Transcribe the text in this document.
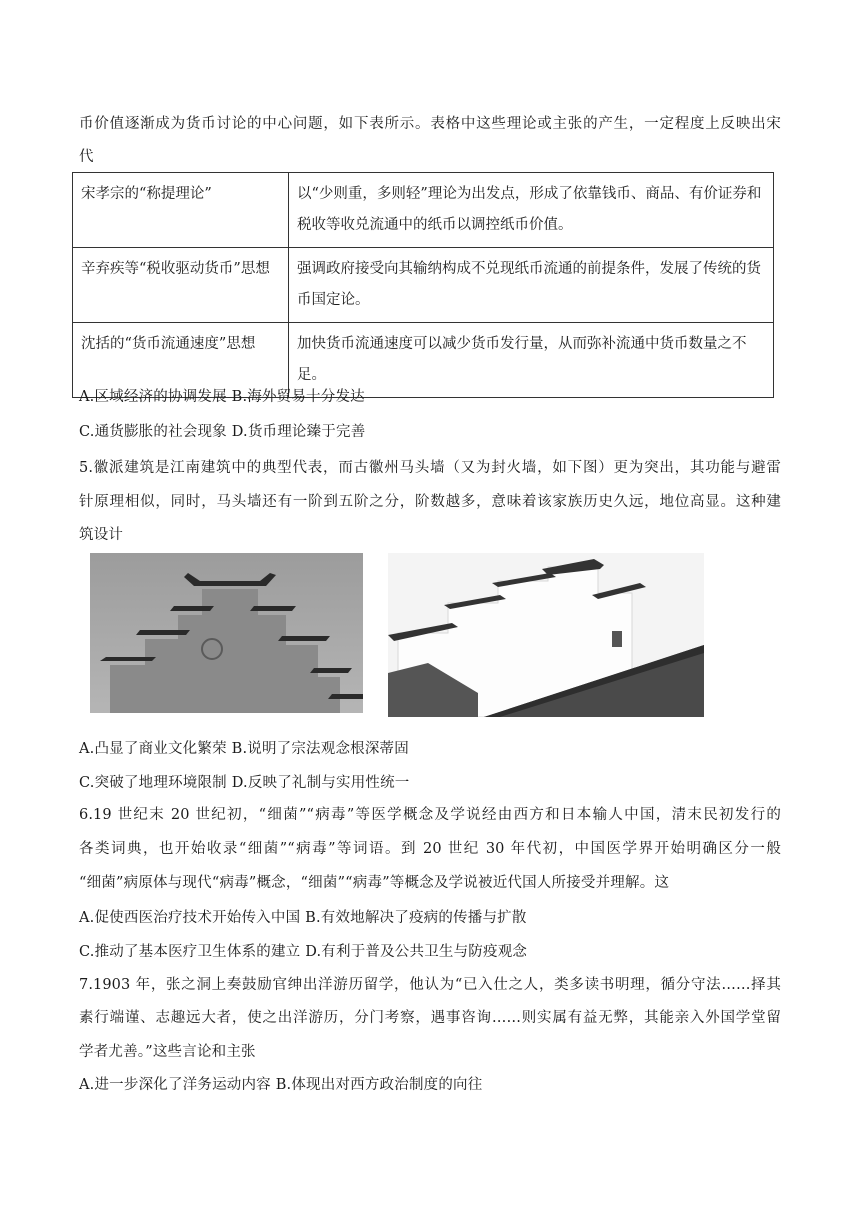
币价值逐渐成为货币讨论的中心问题，如下表所示。表格中这些理论或主张的产生，一定程度上反映出宋
代
宋孝宗的“称提理论”	以“少则重，多则轻”理论为出发点，形成了依靠钱币、商品、有价证券和税收等收兑流通中的纸币以调控纸币价值。
辛弃疾等“税收驱动货币”思想	强调政府接受向其输纳构成不兑现纸币流通的前提条件，发展了传统的货币国定论。
沈括的“货币流通速度”思想	加快货币流通速度可以减少货币发行量，从而弥补流通中货币数量之不足。
A.区域经济的协调发展 B.海外贸易十分发达
C.通货膨胀的社会现象 D.货币理论臻于完善
5.徽派建筑是江南建筑中的典型代表，而古徽州马头墙（又为封火墙，如下图）更为突出，其功能与避雷
针原理相似，同时，马头墙还有一阶到五阶之分，阶数越多，意味着该家族历史久远，地位高显。这种建
筑设计
A.凸显了商业文化繁荣 B.说明了宗法观念根深蒂固
C.突破了地理环境限制 D.反映了礼制与实用性统一
6.19 世纪末 20 世纪初，“细菌”“病毒”等医学概念及学说经由西方和日本输人中国，清末民初发行的
各类词典，也开始收录“细菌”“病毒”等词语。到 20 世纪 30 年代初，中国医学界开始明确区分一般
“细菌”病原体与现代“病毒”概念，“细菌”“病毒”等概念及学说被近代国人所接受并理解。这
A.促使西医治疗技术开始传入中国 B.有效地解决了疫病的传播与扩散
C.推动了基本医疗卫生体系的建立 D.有利于普及公共卫生与防疫观念
7.1903 年，张之洞上奏鼓励官绅出洋游历留学，他认为“已入仕之人，类多读书明理，循分守法……择其
素行端谨、志趣远大者，使之出洋游历，分门考察，遇事咨询……则实属有益无弊，其能亲入外国学堂留
学者尤善。”这些言论和主张
A.进一步深化了洋务运动内容 B.体现出对西方政治制度的向往
